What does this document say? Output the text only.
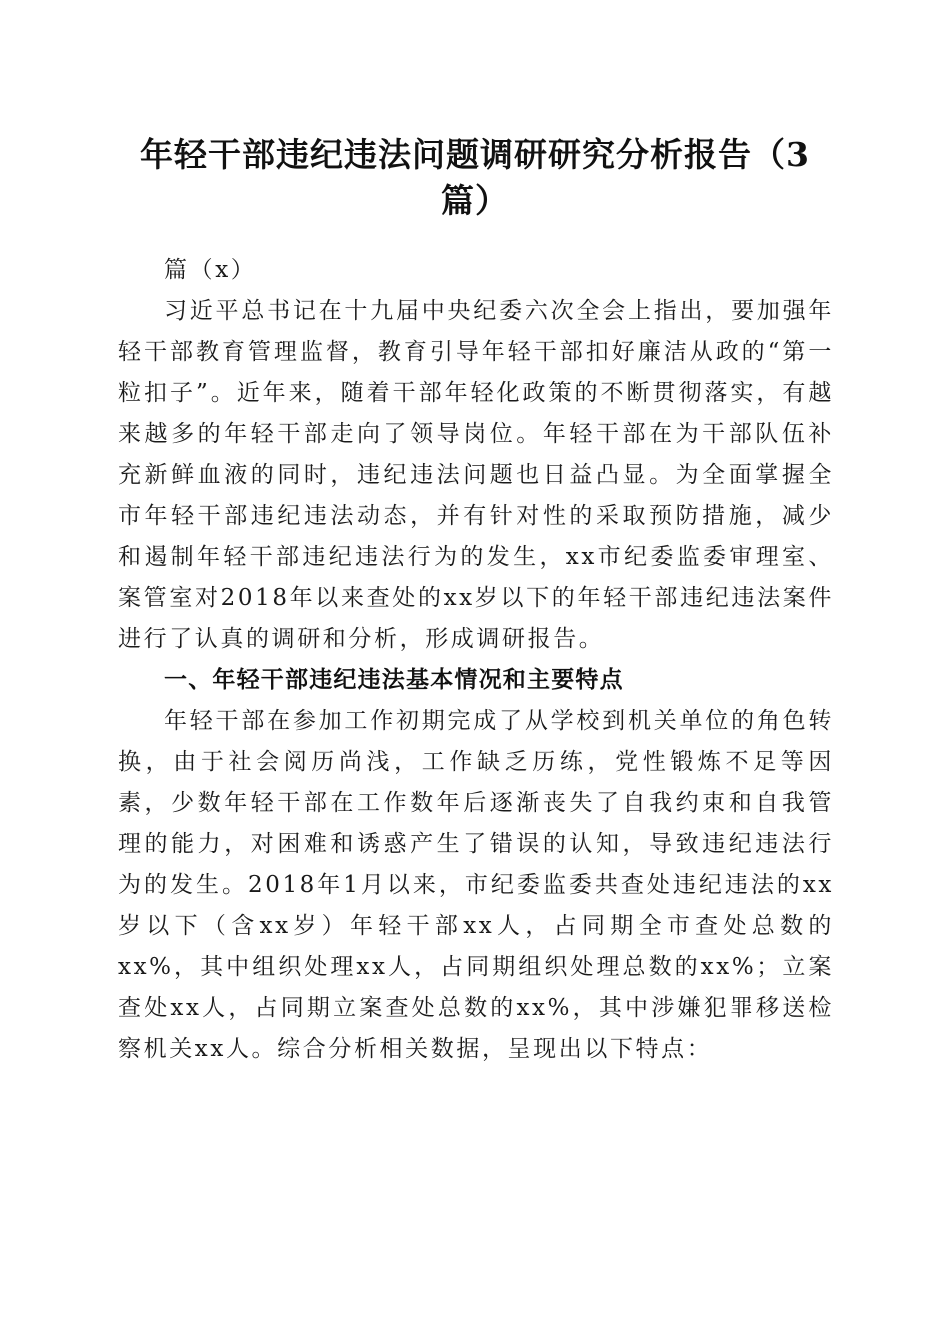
年轻干部违纪违法问题调研研究分析报告（3篇）

篇（x）

习近平总书记在十九届中央纪委六次全会上指出，要加强年轻干部教育管理监督，教育引导年轻干部扣好廉洁从政的“第一粒扣子”。近年来，随着干部年轻化政策的不断贯彻落实，有越来越多的年轻干部走向了领导岗位。年轻干部在为干部队伍补充新鲜血液的同时，违纪违法问题也日益凸显。为全面掌握全市年轻干部违纪违法动态，并有针对性的采取预防措施，减少和遏制年轻干部违纪违法行为的发生，xx市纪委监委审理室、案管室对2018年以来查处的xx岁以下的年轻干部违纪违法案件进行了认真的调研和分析，形成调研报告。

一、年轻干部违纪违法基本情况和主要特点

年轻干部在参加工作初期完成了从学校到机关单位的角色转换，由于社会阅历尚浅，工作缺乏历练，党性锻炼不足等因素，少数年轻干部在工作数年后逐渐丧失了自我约束和自我管理的能力，对困难和诱惑产生了错误的认知，导致违纪违法行为的发生。2018年1月以来，市纪委监委共查处违纪违法的xx岁以下（含xx岁）年轻干部xx人，占同期全市查处总数的xx%，其中组织处理xx人，占同期组织处理总数的xx%；立案查处xx人，占同期立案查处总数的xx%，其中涉嫌犯罪移送检察机关xx人。综合分析相关数据，呈现出以下特点：
